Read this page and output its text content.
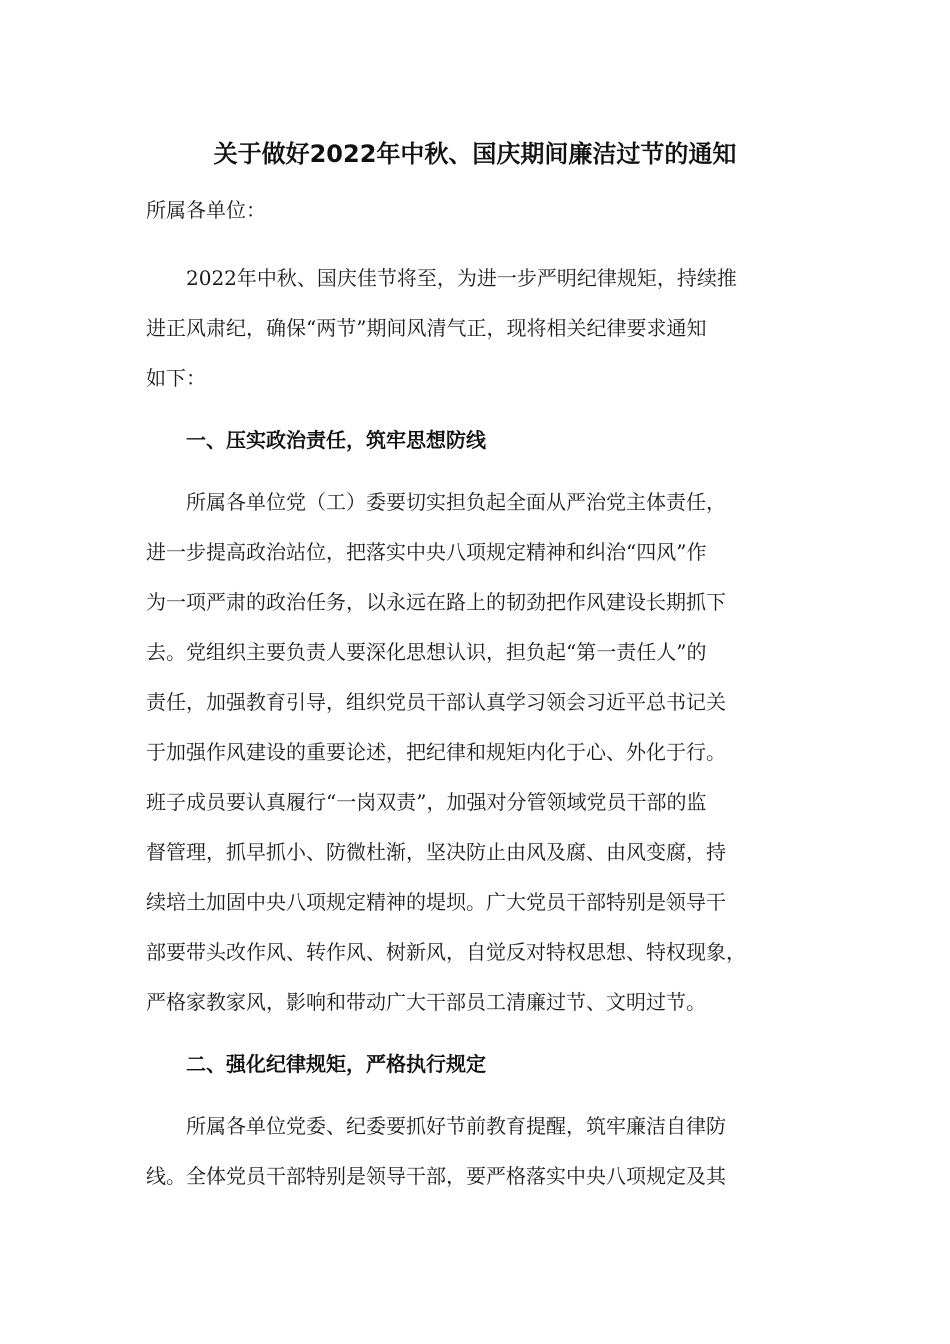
关于做好2022年中秋、国庆期间廉洁过节的通知
所属各单位：
2022年中秋、国庆佳节将至，为进一步严明纪律规矩，持续推
进正风肃纪，确保“两节”期间风清气正，现将相关纪律要求通知
如下：
一、压实政治责任，筑牢思想防线
所属各单位党（工）委要切实担负起全面从严治党主体责任，
进一步提高政治站位，把落实中央八项规定精神和纠治“四风”作
为一项严肃的政治任务，以永远在路上的韧劲把作风建设长期抓下
去。党组织主要负责人要深化思想认识，担负起“第一责任人”的
责任，加强教育引导，组织党员干部认真学习领会习近平总书记关
于加强作风建设的重要论述，把纪律和规矩内化于心、外化于行。
班子成员要认真履行“一岗双责”，加强对分管领域党员干部的监
督管理，抓早抓小、防微杜渐，坚决防止由风及腐、由风变腐，持
续培土加固中央八项规定精神的堤坝。广大党员干部特别是领导干
部要带头改作风、转作风、树新风，自觉反对特权思想、特权现象，
严格家教家风，影响和带动广大干部员工清廉过节、文明过节。
二、强化纪律规矩，严格执行规定
所属各单位党委、纪委要抓好节前教育提醒，筑牢廉洁自律防
线。全体党员干部特别是领导干部，要严格落实中央八项规定及其
